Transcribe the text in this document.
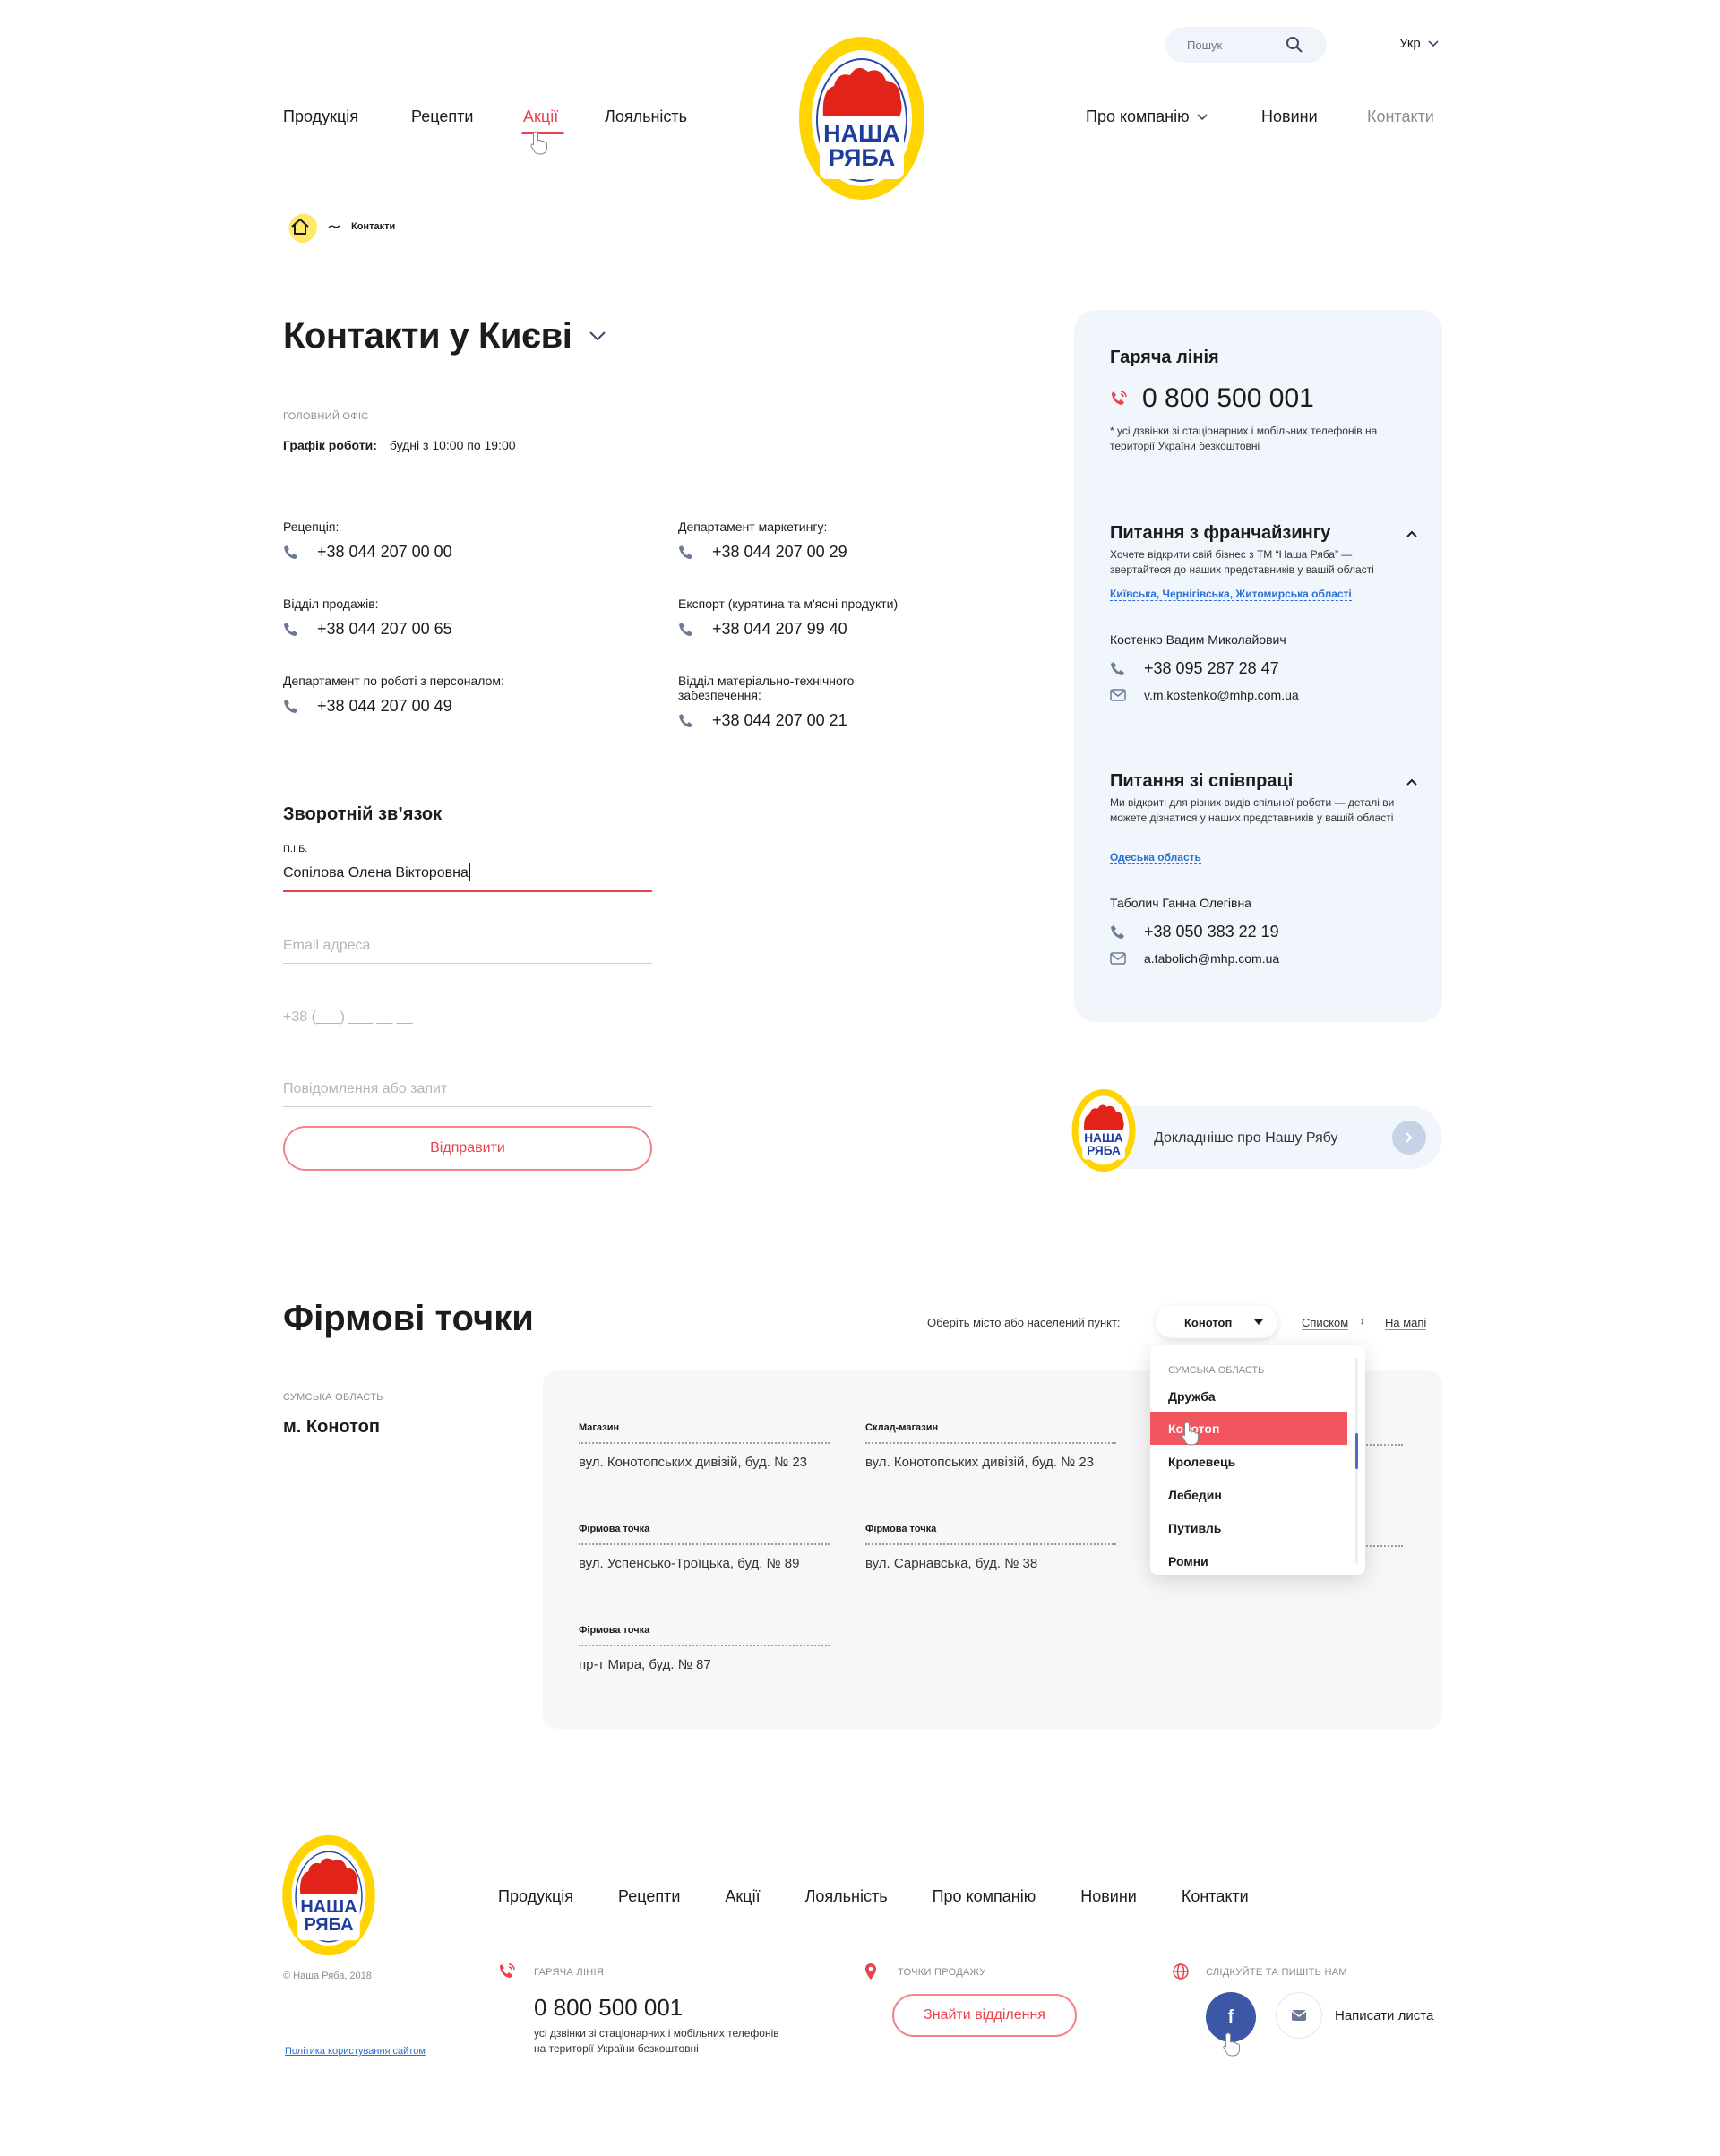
Пошук
Укр
Продукція	Рецепти	Акції	Лояльність
НАША
РЯБА
Про компанію	Новини	Контакти
Контакти
Контакти у Києві
ГОЛОВНИЙ ОФІС
Графік роботи: будні з 10:00 по 19:00
Рецепція:
+38 044 207 00 00
Департамент маркетингу:
+38 044 207 00 29
Відділ продажів:
+38 044 207 00 65
Експорт (курятина та м'ясні продукти)
+38 044 207 99 40
Департамент по роботі з персоналом:
+38 044 207 00 49
Відділ матеріально-технічного забезпечення:
+38 044 207 00 21
Зворотній зв’язок
П.І.Б.
Сопілова Олена Вікторовна
Email адреса
+38 (___) ___ __ __
Повідомлення або запит
Відправити
Гаряча лінія
0 800 500 001
* усі дзвінки зі стаціонарних і мобільних телефонів на території України безкоштовні
Питання з франчайзингу
Хочете відкрити свій бізнес з ТМ “Наша Ряба” — звертайтеся до наших представників у вашій області
Київська, Чернігівська, Житомирська області
Костенко Вадим Миколайович
+38 095 287 28 47
v.m.kostenko@mhp.com.ua
Питання зі співпраці
Ми відкриті для різних видів спільної роботи — деталі ви можете дізнатися у наших представників у вашій області
Одеська область
Таболич Ганна Олегівна
+38 050 383 22 19
a.tabolich@mhp.com.ua
НАША
РЯБА
Докладніше про Нашу Рябу
Фірмові точки	Оберіть місто або населений пункт:	Конотоп	Списком ↕ На мапі
СУМСЬКА ОБЛАСТЬ
м. Конотоп	Магазин
вул. Конотопських дивізій, буд. № 23
Склад-магазин
вул. Конотопських дивізій, буд. № 23
Фірмова точка
вул. Успенсько-Троїцька, буд. № 89
Фірмова точка
вул. Сарнавська, буд. № 38
Фірмова точка
пр-т Мира, буд. № 87
СУМСЬКА ОБЛАСТЬ
Дружба
Конотоп
Кролевець
Лебедин
Путивль
Ромни
НАША
РЯБА
© Наша Ряба, 2018
Політика користування сайтом
Продукція	Рецепти	Акції	Лояльність	Про компанію	Новини	Контакти
ГАРЯЧА ЛІНІЯ
0 800 500 001
усі дзвінки зі стаціонарних і мобільних телефонів
на території України безкоштовні
ТОЧКИ ПРОДАЖУ
Знайти відділення
СЛІДКУЙТЕ ТА ПИШІТЬ НАМ
f	Написати листа
